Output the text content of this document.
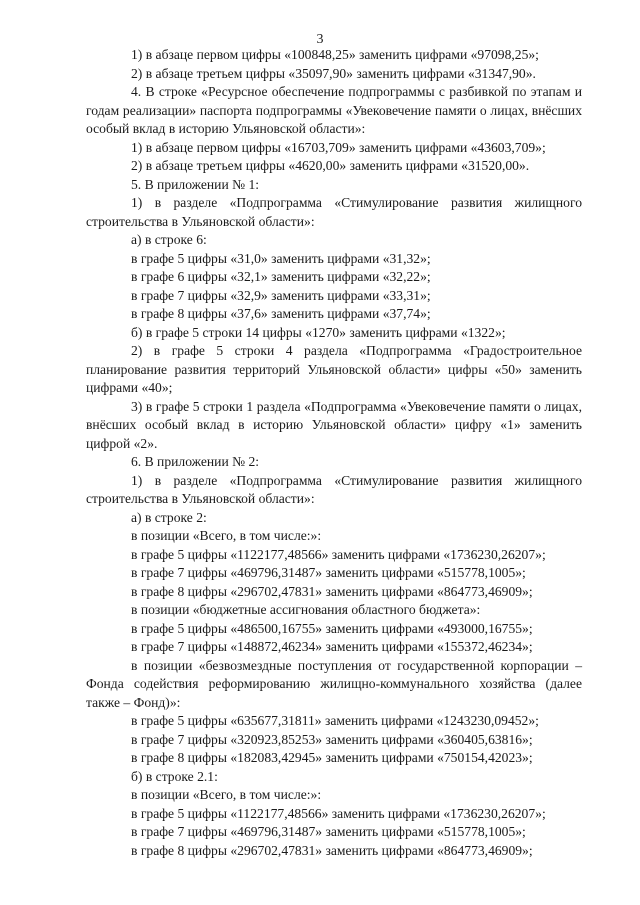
3

1) в абзаце первом цифры «100848,25» заменить цифрами «97098,25»;

2) в абзаце третьем цифры «35097,90» заменить цифрами «31347,90».

4. В строке «Ресурсное обеспечение подпрограммы с разбивкой по этапам и годам реализации» паспорта подпрограммы «Увековечение памяти о лицах, внёсших особый вклад в историю Ульяновской области»:

1) в абзаце первом цифры «16703,709» заменить цифрами «43603,709»;

2) в абзаце третьем цифры «4620,00» заменить цифрами «31520,00».

5. В приложении № 1:

1) в разделе «Подпрограмма «Стимулирование развития жилищного строительства в Ульяновской области»:

а) в строке 6:

в графе 5 цифры «31,0» заменить цифрами «31,32»;

в графе 6 цифры «32,1» заменить цифрами «32,22»;

в графе 7 цифры «32,9» заменить цифрами «33,31»;

в графе 8 цифры «37,6» заменить цифрами «37,74»;

б) в графе 5 строки 14 цифры «1270» заменить цифрами «1322»;

2) в графе 5 строки 4 раздела «Подпрограмма «Градостроительное планирование развития территорий Ульяновской области» цифры «50» заменить цифрами «40»;

3) в графе 5 строки 1 раздела «Подпрограмма «Увековечение памяти о лицах, внёсших особый вклад в историю Ульяновской области» цифру «1» заменить цифрой «2».

6. В приложении № 2:

1) в разделе «Подпрограмма «Стимулирование развития жилищного строительства в Ульяновской области»:

а) в строке 2:

в позиции «Всего, в том числе:»:

в графе 5 цифры «1122177,48566» заменить цифрами «1736230,26207»;

в графе 7 цифры «469796,31487» заменить цифрами «515778,1005»;

в графе 8 цифры «296702,47831» заменить цифрами «864773,46909»;

в позиции «бюджетные ассигнования областного бюджета»:

в графе 5 цифры «486500,16755» заменить цифрами «493000,16755»;

в графе 7 цифры «148872,46234» заменить цифрами «155372,46234»;

в позиции «безвозмездные поступления от государственной корпорации – Фонда содействия реформированию жилищно-коммунального хозяйства (далее также – Фонд)»:

в графе 5 цифры «635677,31811» заменить цифрами «1243230,09452»;

в графе 7 цифры «320923,85253» заменить цифрами «360405,63816»;

в графе 8 цифры «182083,42945» заменить цифрами «750154,42023»;

б) в строке 2.1:

в позиции «Всего, в том числе:»:

в графе 5 цифры «1122177,48566» заменить цифрами «1736230,26207»;

в графе 7 цифры «469796,31487» заменить цифрами «515778,1005»;

в графе 8 цифры «296702,47831» заменить цифрами «864773,46909»;
